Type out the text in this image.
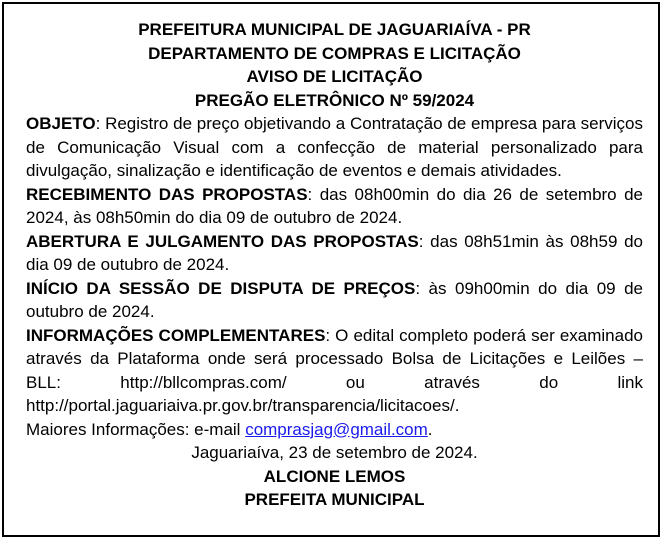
PREFEITURA MUNICIPAL DE JAGUARIAÍVA - PR
DEPARTAMENTO DE COMPRAS E LICITAÇÃO
AVISO DE LICITAÇÃO
PREGÃO ELETRÔNICO Nº 59/2024
OBJETO: Registro de preço objetivando a Contratação de empresa para serviços de Comunicação Visual com a confecção de material personalizado para divulgação, sinalização e identificação de eventos e demais atividades.
RECEBIMENTO DAS PROPOSTAS: das 08h00min do dia 26 de setembro de 2024, às 08h50min do dia 09 de outubro de 2024.
ABERTURA E JULGAMENTO DAS PROPOSTAS: das 08h51min às 08h59 do dia 09 de outubro de 2024.
INÍCIO DA SESSÃO DE DISPUTA DE PREÇOS: às 09h00min do dia 09 de outubro de 2024.
INFORMAÇÕES COMPLEMENTARES: O edital completo poderá ser examinado através da Plataforma onde será processado Bolsa de Licitações e Leilões – BLL: http://bllcompras.com/ ou através do link http://portal.jaguariaiva.pr.gov.br/transparencia/licitacoes/.
Maiores Informações: e-mail comprasjag@gmail.com.
Jaguariaíva, 23 de setembro de 2024.
ALCIONE LEMOS
PREFEITA MUNICIPAL
